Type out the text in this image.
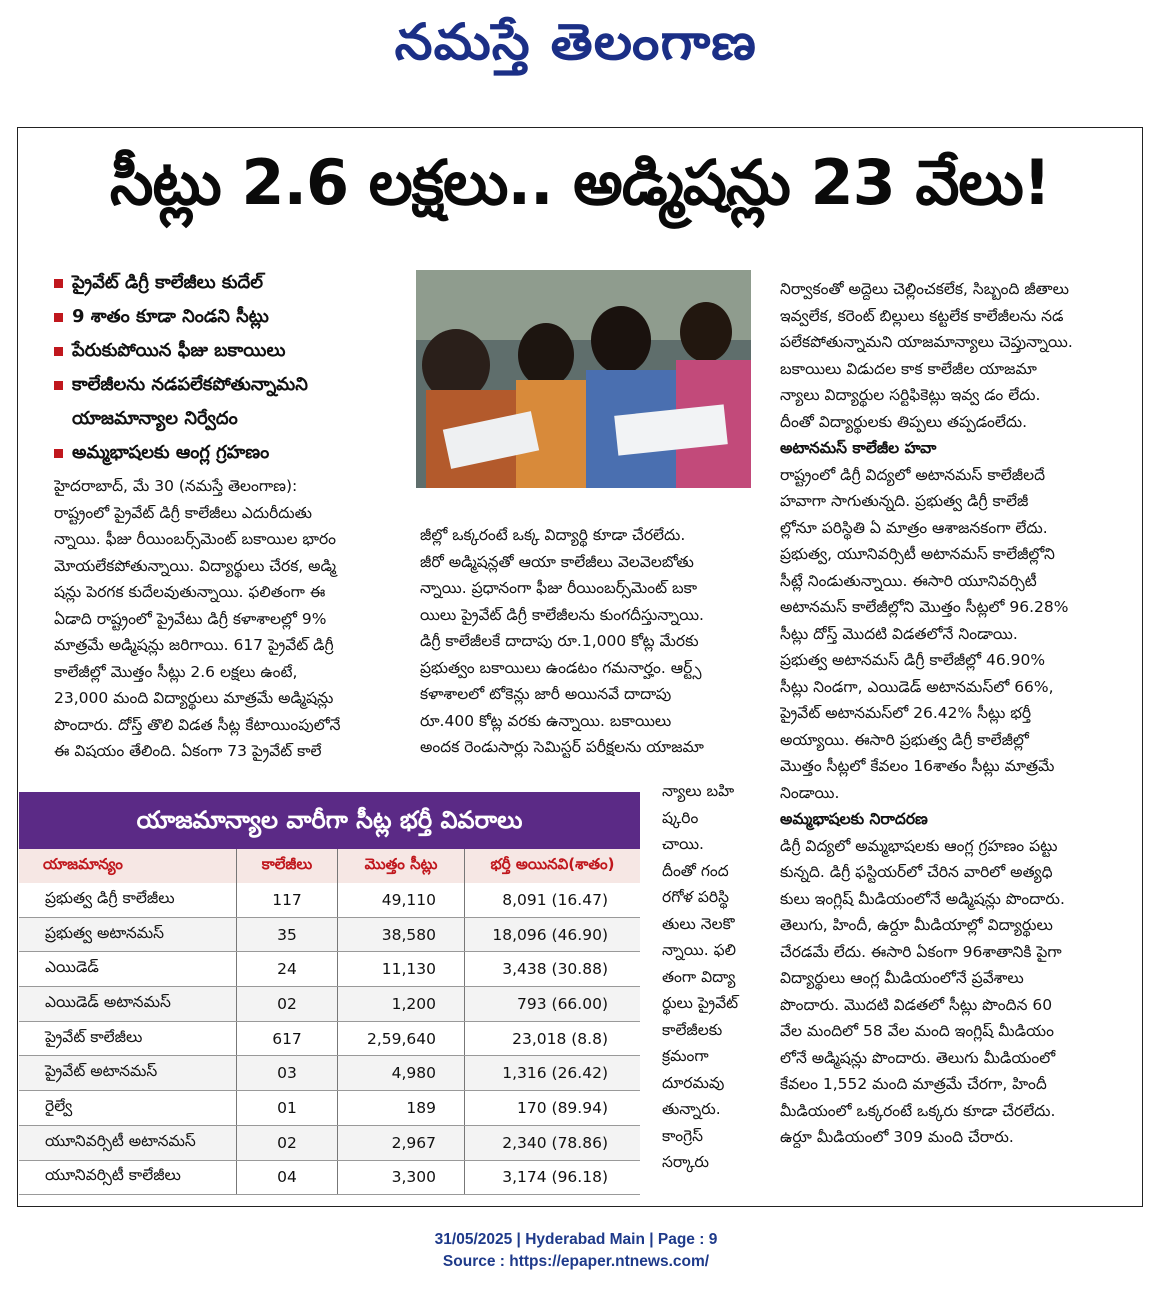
నమస్తే తెలంగాణ
సీట్లు 2.6 లక్షలు.. అడ్మిషన్లు 23 వేలు!
ప్రైవేట్ డిగ్రీ కాలేజీలు కుదేల్
9 శాతం కూడా నిండని సీట్లు
పేరుకుపోయిన ఫీజు బకాయిలు
కాలేజీలను నడపలేకపోతున్నామని
యాజమాన్యాల నిర్వేదం
అమ్మభాషలకు ఆంగ్ల గ్రహణం
హైదరాబాద్, మే 30 (నమస్తే తెలంగాణ):
రాష్ట్రంలో ప్రైవేట్ డిగ్రీ కాలేజీలు ఎదురీదుతు
న్నాయి. ఫీజు రీయింబర్స్‌మెంట్ బకాయిల భారం
మోయలేకపోతున్నాయి. విద్యార్థులు చేరక, అడ్మి
షన్లు పెరగక కుదేలవుతున్నాయి. ఫలితంగా ఈ
ఏడాది రాష్ట్రంలో ప్రైవేటు డిగ్రీ కళాశాలల్లో 9%
మాత్రమే అడ్మిషన్లు జరిగాయి. 617 ప్రైవేట్ డిగ్రీ
కాలేజీల్లో మొత్తం సీట్లు 2.6 లక్షలు ఉంటే,
23,000 మంది విద్యార్థులు మాత్రమే అడ్మిషన్లు
పొందారు. దోస్త్ తొలి విడత సీట్ల కేటాయింపులోనే
ఈ విషయం తేలింది. ఏకంగా 73 ప్రైవేట్ కాలే
జీల్లో ఒక్కరంటే ఒక్క విద్యార్థి కూడా చేరలేదు.
జీరో అడ్మిషన్లతో ఆయా కాలేజీలు వెలవెలబోతు
న్నాయి. ప్రధానంగా ఫీజు రీయింబర్స్‌మెంట్ బకా
యిలు ప్రైవేట్ డిగ్రీ కాలేజీలను కుంగదీస్తున్నాయి.
డిగ్రీ కాలేజీలకే దాదాపు రూ.1,000 కోట్ల మేరకు
ప్రభుత్వం బకాయిలు ఉండటం గమనార్హం. ఆర్ట్స్
కళాశాలలో టోకెన్లు జారీ అయినవే దాదాపు
రూ.400 కోట్ల వరకు ఉన్నాయి. బకాయిలు
అందక రెండుసార్లు సెమిస్టర్ పరీక్షలను యాజమా
న్యాలు బహి
ష్కరిం
చాయి.
దీంతో గంద
రగోళ పరిస్థి
తులు నెలకొ
న్నాయి. ఫలి
తంగా విద్యా
ర్థులు ప్రైవేట్
కాలేజీలకు
క్రమంగా
దూరమవు
తున్నారు.
కాంగ్రెస్
సర్కారు
నిర్వాకంతో అద్దెలు చెల్లించకలేక, సిబ్బంది జీతాలు
ఇవ్వలేక, కరెంట్ బిల్లులు కట్టలేక కాలేజీలను నడ
పలేకపోతున్నామని యాజమాన్యాలు చెప్తున్నాయి.
బకాయిలు విడుదల కాక కాలేజీల యాజమా
న్యాలు విద్యార్థుల సర్టిఫికెట్లు ఇవ్వ డం లేదు.
దీంతో విద్యార్థులకు తిప్పలు తప్పడంలేదు.
అటానమస్ కాలేజీల హవా
రాష్ట్రంలో డిగ్రీ విద్యలో అటానమస్ కాలేజీలదే
హవాగా సాగుతున్నది. ప్రభుత్వ డిగ్రీ కాలేజీ
ల్లోనూ పరిస్థితి ఏ మాత్రం ఆశాజనకంగా లేదు.
ప్రభుత్వ, యూనివర్సిటీ అటానమస్ కాలేజీల్లోని
సీట్లే నిండుతున్నాయి. ఈసారి యూనివర్సిటీ
అటానమస్ కాలేజీల్లోని మొత్తం సీట్లలో 96.28%
సీట్లు దోస్త్ మొదటి విడతలోనే నిండాయి.
ప్రభుత్వ అటానమస్ డిగ్రీ కాలేజీల్లో 46.90%
సీట్లు నిండగా, ఎయిడెడ్ అటానమస్‌లో 66%,
ప్రైవేట్ అటానమస్‌లో 26.42% సీట్లు భర్తీ
అయ్యాయి. ఈసారి ప్రభుత్వ డిగ్రీ కాలేజీల్లో
మొత్తం సీట్లలో కేవలం 16శాతం సీట్లు మాత్రమే
నిండాయి.
అమ్మభాషలకు నిరాదరణ
డిగ్రీ విద్యలో అమ్మభాషలకు ఆంగ్ల గ్రహణం పట్టు
కున్నది. డిగ్రీ ఫస్టియర్‌లో చేరిన వారిలో అత్యధి
కులు ఇంగ్లిష్ మీడియంలోనే అడ్మిషన్లు పొందారు.
తెలుగు, హిందీ, ఉర్దూ మీడియాల్లో విద్యార్థులు
చేరడమే లేదు. ఈసారి ఏకంగా 96శాతానికి పైగా
విద్యార్థులు ఆంగ్ల మీడియంలోనే ప్రవేశాలు
పొందారు. మొదటి విడతలో సీట్లు పొందిన 60
వేల మందిలో 58 వేల మంది ఇంగ్లిష్ మీడియం
లోనే అడ్మిషన్లు పొందారు. తెలుగు మీడియంలో
కేవలం 1,552 మంది మాత్రమే చేరగా, హిందీ
మీడియంలో ఒక్కరంటే ఒక్కరు కూడా చేరలేదు.
ఉర్దూ మీడియంలో 309 మంది చేరారు.
యాజమాన్యాల వారీగా సీట్ల భర్తీ వివరాలు
యాజమాన్యం	కాలేజీలు	మొత్తం సీట్లు	భర్తీ అయినవి(శాతం)
ప్రభుత్వ డిగ్రీ కాలేజీలు	117	49,110	8,091 (16.47)
ప్రభుత్వ అటానమస్	35	38,580	18,096 (46.90)
ఎయిడెడ్	24	11,130	3,438 (30.88)
ఎయిడెడ్ అటానమస్	02	1,200	793 (66.00)
ప్రైవేట్ కాలేజీలు	617	2,59,640	23,018 (8.8)
ప్రైవేట్ అటానమస్	03	4,980	1,316 (26.42)
రైల్వే	01	189	170 (89.94)
యూనివర్సిటీ అటానమస్	02	2,967	2,340 (78.86)
యూనివర్సిటీ కాలేజీలు	04	3,300	3,174 (96.18)
31/05/2025 | Hyderabad Main | Page : 9
Source : https://epaper.ntnews.com/
